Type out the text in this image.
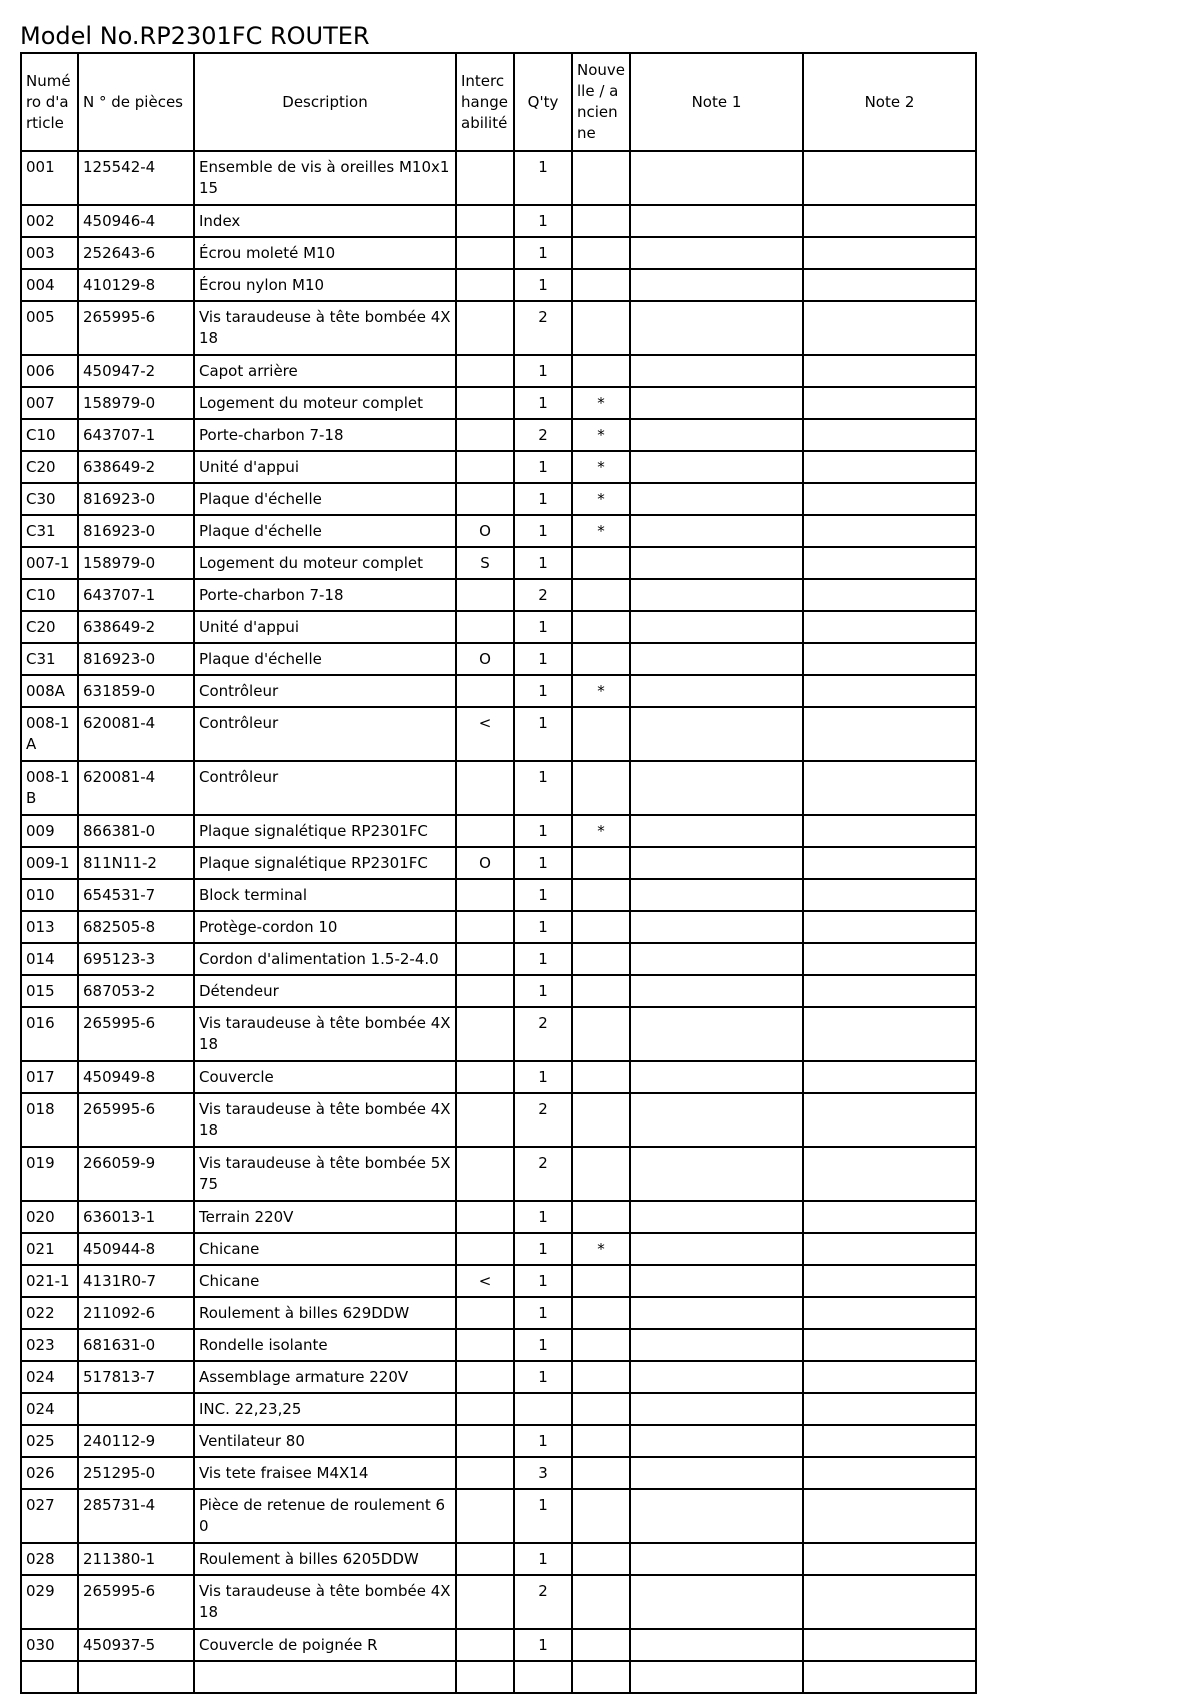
Model No.RP2301FC ROUTER
Numéro d'article	N ° de pièces	Description	Interchangeabilité	Q'ty	Nouvelle / ancienne	Note 1	Note 2
001	125542-4	Ensemble de vis à oreilles M10x115		1			
002	450946-4	Index		1			
003	252643-6	Écrou moleté M10		1			
004	410129-8	Écrou nylon M10		1			
005	265995-6	Vis taraudeuse à tête bombée 4X18		2			
006	450947-2	Capot arrière		1			
007	158979-0	Logement du moteur complet		1	*		
C10	643707-1	Porte-charbon 7-18		2	*		
C20	638649-2	Unité d'appui		1	*		
C30	816923-0	Plaque d'échelle		1	*		
C31	816923-0	Plaque d'échelle	O	1	*		
007-1	158979-0	Logement du moteur complet	S	1			
C10	643707-1	Porte-charbon 7-18		2			
C20	638649-2	Unité d'appui		1			
C31	816923-0	Plaque d'échelle	O	1			
008A	631859-0	Contrôleur		1	*		
008-1A	620081-4	Contrôleur	<	1			
008-1B	620081-4	Contrôleur		1			
009	866381-0	Plaque signalétique RP2301FC		1	*		
009-1	811N11-2	Plaque signalétique RP2301FC	O	1			
010	654531-7	Block terminal		1			
013	682505-8	Protège-cordon 10		1			
014	695123-3	Cordon d'alimentation 1.5-2-4.0		1			
015	687053-2	Détendeur		1			
016	265995-6	Vis taraudeuse à tête bombée 4X18		2			
017	450949-8	Couvercle		1			
018	265995-6	Vis taraudeuse à tête bombée 4X18		2			
019	266059-9	Vis taraudeuse à tête bombée 5X75		2			
020	636013-1	Terrain 220V		1			
021	450944-8	Chicane		1	*		
021-1	4131R0-7	Chicane	<	1			
022	211092-6	Roulement à billes 629DDW		1			
023	681631-0	Rondelle isolante		1			
024	517813-7	Assemblage armature 220V		1			
024		INC. 22,23,25					
025	240112-9	Ventilateur 80		1			
026	251295-0	Vis tete fraisee M4X14		3			
027	285731-4	Pièce de retenue de roulement 60		1			
028	211380-1	Roulement à billes 6205DDW		1			
029	265995-6	Vis taraudeuse à tête bombée 4X18		2			
030	450937-5	Couvercle de poignée R		1			
